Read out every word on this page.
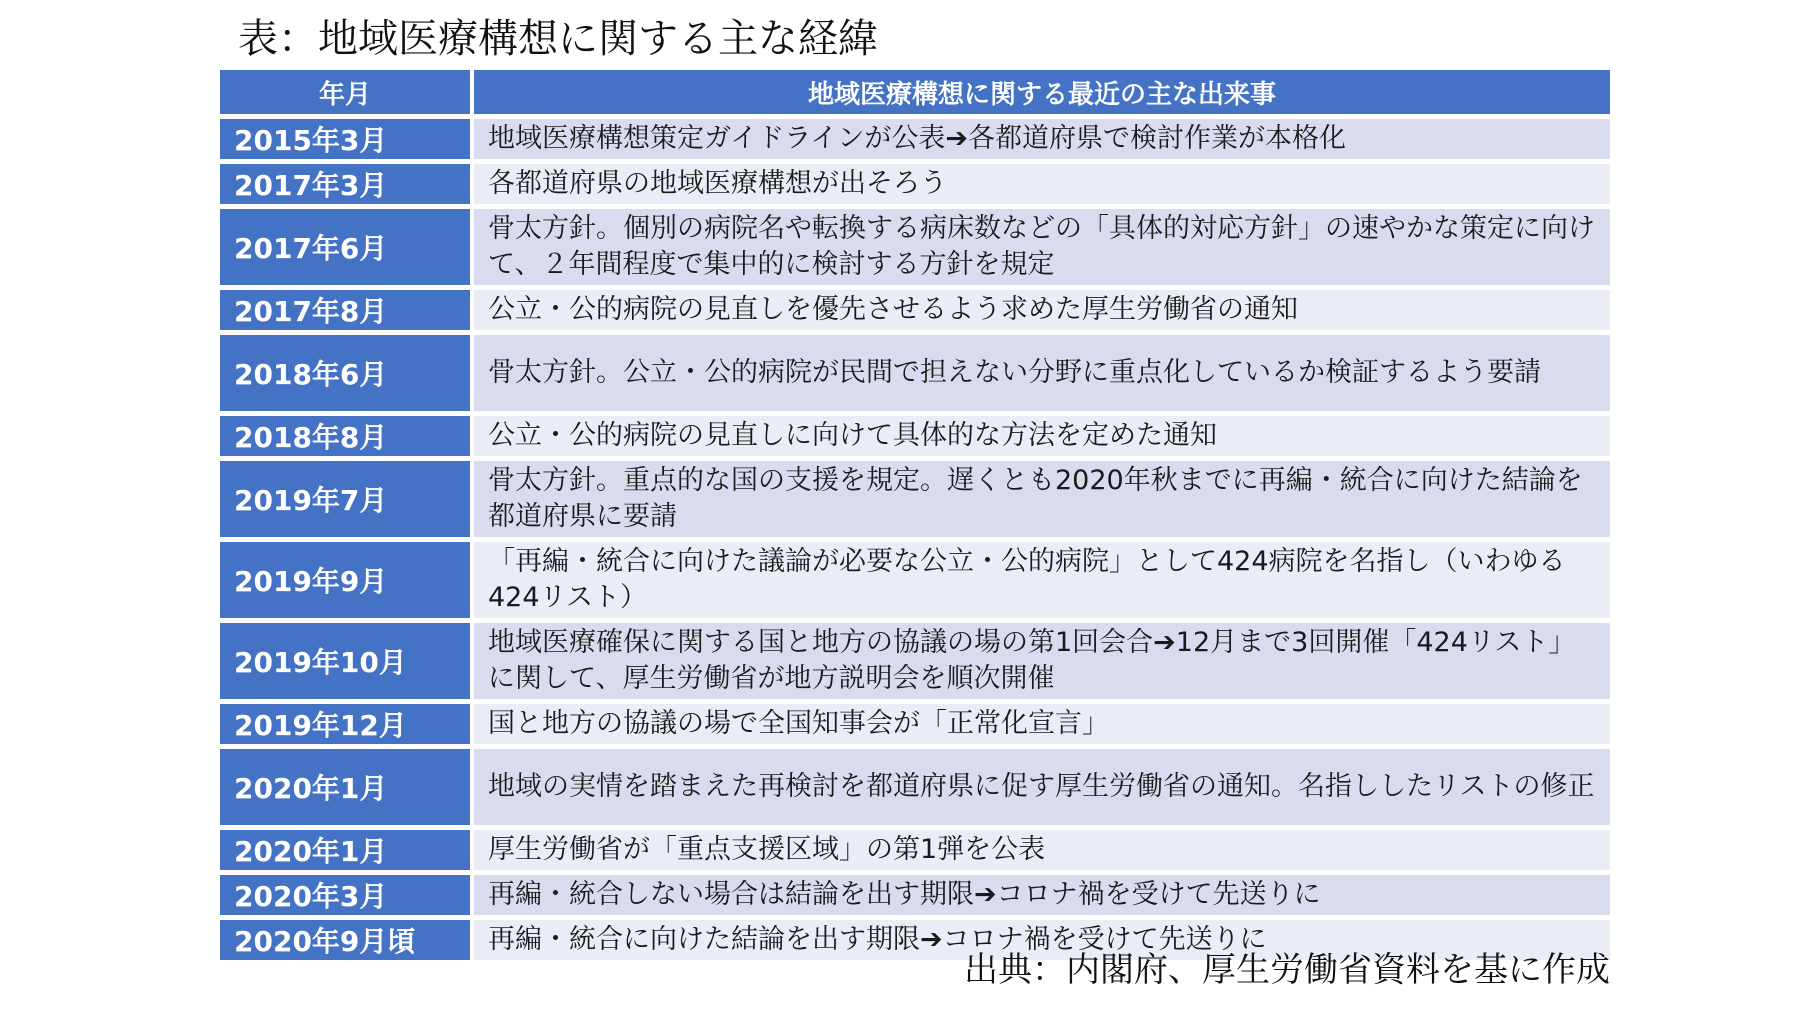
表：地域医療構想に関する主な経緯
年月	地域医療構想に関する最近の主な出来事
2015年3月	地域医療構想策定ガイドラインが公表➔各都道府県で検討作業が本格化
2017年3月	各都道府県の地域医療構想が出そろう
2017年6月	骨太方針。個別の病院名や転換する病床数などの「具体的対応方針」の速やかな策定に向けて、２年間程度で集中的に検討する方針を規定
2017年8月	公立・公的病院の見直しを優先させるよう求めた厚生労働省の通知
2018年6月	骨太方針。公立・公的病院が民間で担えない分野に重点化しているか検証するよう要請
2018年8月	公立・公的病院の見直しに向けて具体的な方法を定めた通知
2019年7月	骨太方針。重点的な国の支援を規定。遅くとも2020年秋までに再編・統合に向けた結論を都道府県に要請
2019年9月	「再編・統合に向けた議論が必要な公立・公的病院」として424病院を名指し（いわゆる424リスト）
2019年10月	地域医療確保に関する国と地方の協議の場の第1回会合➔12月まで3回開催「424リスト」に関して、厚生労働省が地方説明会を順次開催
2019年12月	国と地方の協議の場で全国知事会が「正常化宣言」
2020年1月	地域の実情を踏まえた再検討を都道府県に促す厚生労働省の通知。名指ししたリストの修正
2020年1月	厚生労働省が「重点支援区域」の第1弾を公表
2020年3月	再編・統合しない場合は結論を出す期限➔コロナ禍を受けて先送りに
2020年9月頃	再編・統合に向けた結論を出す期限➔コロナ禍を受けて先送りに
出典：内閣府、厚生労働省資料を基に作成
